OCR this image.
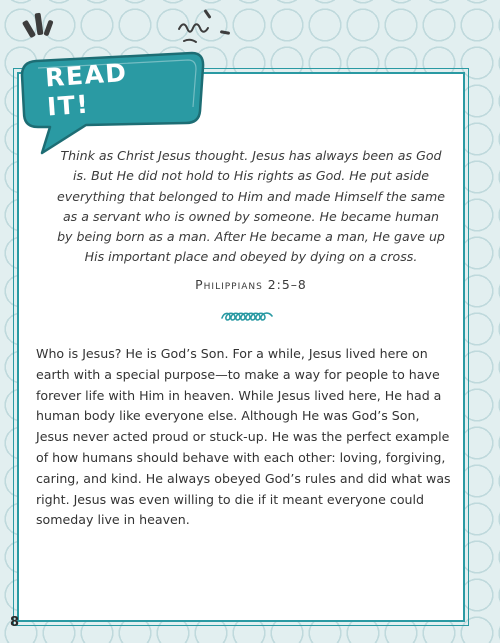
READ IT!

Think as Christ Jesus thought. Jesus has always been as God is. But He did not hold to His rights as God. He put aside everything that belonged to Him and made Himself the same as a servant who is owned by someone. He became human by being born as a man. After He became a man, He gave up His important place and obeyed by dying on a cross.

Philippians 2:5–8

Who is Jesus? He is God’s Son. For a while, Jesus lived here on earth with a special purpose—to make a way for people to have forever life with Him in heaven. While Jesus lived here, He had a human body like everyone else. Although He was God’s Son, Jesus never acted proud or stuck-up. He was the perfect example of how humans should behave with each other: loving, forgiving, caring, and kind. He always obeyed God’s rules and did what was right. Jesus was even willing to die if it meant everyone could someday live in heaven.

8
